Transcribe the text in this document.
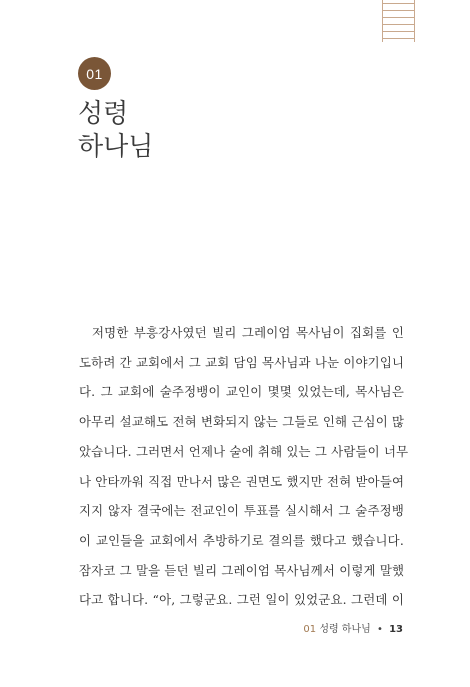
01
성령
하나님
저명한 부흥강사였던 빌리 그레이엄 목사님이 집회를 인
도하려 간 교회에서 그 교회 담임 목사님과 나눈 이야기입니
다. 그 교회에 술주정뱅이 교인이 몇몇 있었는데, 목사님은
아무리 설교해도 전혀 변화되지 않는 그들로 인해 근심이 많
았습니다. 그러면서 언제나 술에 취해 있는 그 사람들이 너무
나 안타까워 직접 만나서 많은 권면도 했지만 전혀 받아들여
지지 않자 결국에는 전교인이 투표를 실시해서 그 술주정뱅
이 교인들을 교회에서 추방하기로 결의를 했다고 했습니다.
잠자코 그 말을 듣던 빌리 그레이엄 목사님께서 이렇게 말했
다고 합니다. “아, 그렇군요. 그런 일이 있었군요. 그런데 이
01 성령 하나님 • 13
